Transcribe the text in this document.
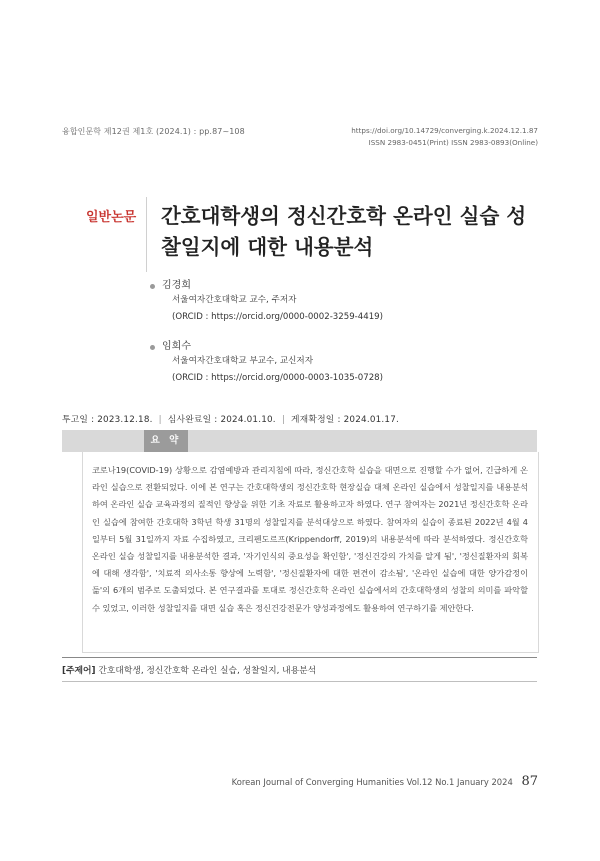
융합인문학 제12권 제1호 (2024.1) : pp.87~108	https://doi.org/10.14729/converging.k.2024.12.1.87
ISSN 2983-0451(Print) ISSN 2983-0893(Online)
일반논문 간호대학생의 정신간호학 온라인 실습 성찰일지에 대한 내용분석
김경희
서울여자간호대학교 교수, 주저자
(ORCID : https://orcid.org/0000-0002-3259-4419)
임희수
서울여자간호대학교 부교수, 교신저자
(ORCID : https://orcid.org/0000-0003-1035-0728)
투고일 : 2023.12.18. | 심사완료일 : 2024.01.10. | 게재확정일 : 2024.01.17.
요 약
코로나19(COVID-19) 상황으로 감염예방과 관리지침에 따라, 정신간호학 실습을 대면으로 진행할 수가 없어, 긴급하게 온라인 실습으로 전환되었다. 이에 본 연구는 간호대학생의 정신간호학 현장실습 대체 온라인 실습에서 성찰일지를 내용분석하여 온라인 실습 교육과정의 질적인 향상을 위한 기초 자료로 활용하고자 하였다. 연구 참여자는 2021년 정신간호학 온라인 실습에 참여한 간호대학 3학년 학생 31명의 성찰일지를 분석대상으로 하였다. 참여자의 실습이 종료된 2022년 4월 4일부터 5월 31일까지 자료 수집하였고, 크리펜도르프(Krippendorff, 2019)의 내용분석에 따라 분석하였다. 정신간호학 온라인 실습 성찰일지를 내용분석한 결과, '자기인식의 중요성을 확인함', '정신건강의 가치를 알게 됨', '정신질환자의 회복에 대해 생각함', '치료적 의사소통 향상에 노력함', '정신질환자에 대한 편견이 감소됨', '온라인 실습에 대한 양가감정이 듦'의 6개의 범주로 도출되었다. 본 연구결과를 토대로 정신간호학 온라인 실습에서의 간호대학생의 성찰의 의미를 파악할 수 있었고, 이러한 성찰일지를 대면 실습 혹은 정신건강전문가 양성과정에도 활용하여 연구하기를 제안한다.
[주제어] 간호대학생, 정신간호학 온라인 실습, 성찰일지, 내용분석
Korean Journal of Converging Humanities Vol.12 No.1 January 2024 87
